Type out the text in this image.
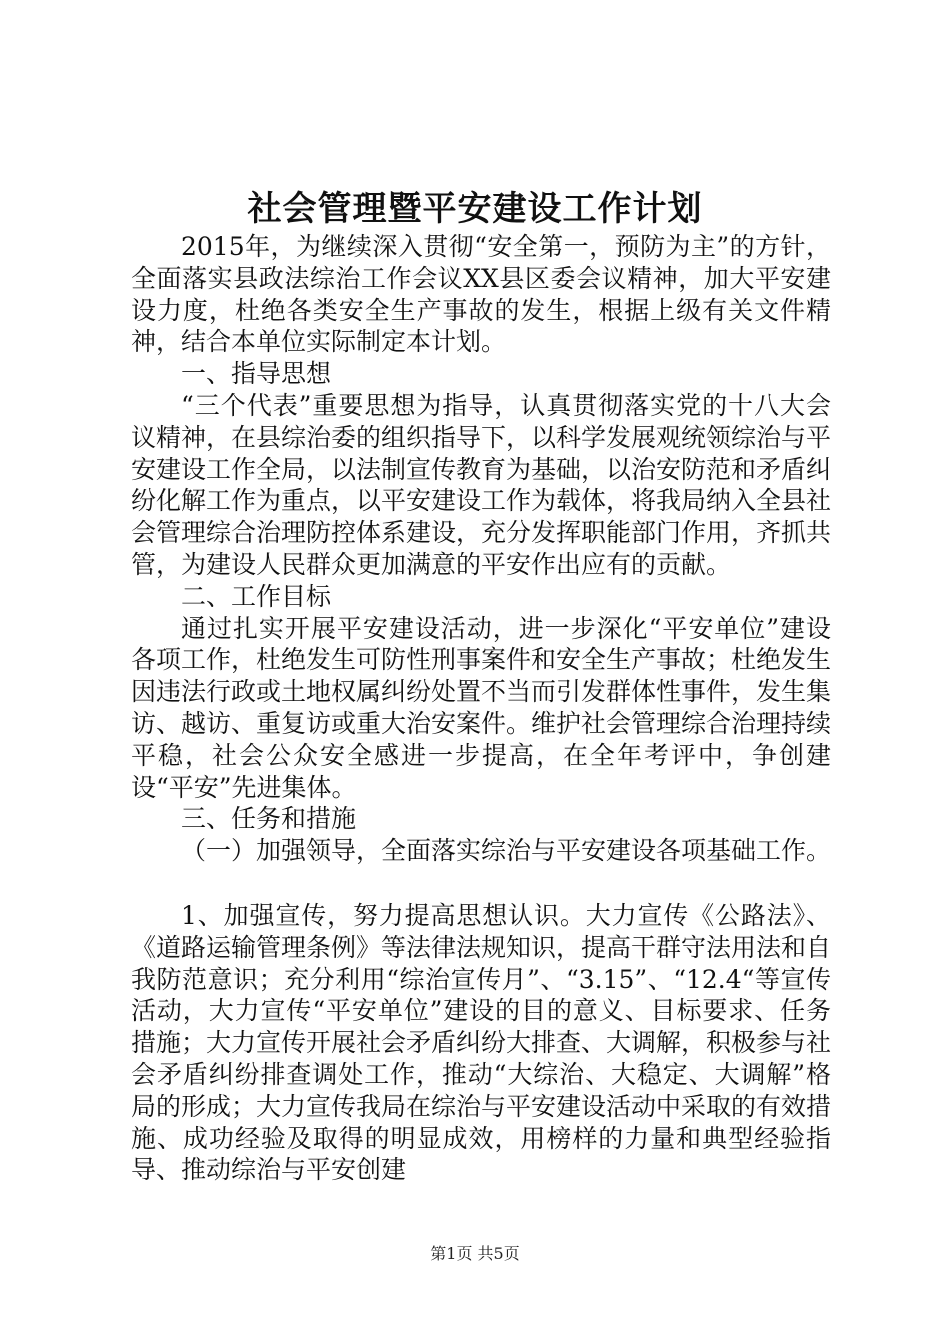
社会管理暨平安建设工作计划

2015年，为继续深入贯彻“安全第一，预防为主”的方针，全面落实县政法综治工作会议XX县区委会议精神，加大平安建设力度，杜绝各类安全生产事故的发生，根据上级有关文件精神，结合本单位实际制定本计划。

一、指导思想

“三个代表”重要思想为指导，认真贯彻落实党的十八大会议精神，在县综治委的组织指导下，以科学发展观统领综治与平安建设工作全局，以法制宣传教育为基础，以治安防范和矛盾纠纷化解工作为重点，以平安建设工作为载体，将我局纳入全县社会管理综合治理防控体系建设，充分发挥职能部门作用，齐抓共管，为建设人民群众更加满意的平安作出应有的贡献。

二、工作目标

通过扎实开展平安建设活动，进一步深化“平安单位”建设各项工作，杜绝发生可防性刑事案件和安全生产事故；杜绝发生因违法行政或土地权属纠纷处置不当而引发群体性事件，发生集访、越访、重复访或重大治安案件。维护社会管理综合治理持续平稳，社会公众安全感进一步提高，在全年考评中，争创建设“平安”先进集体。

三、任务和措施

（一）加强领导，全面落实综治与平安建设各项基础工作。

1、加强宣传，努力提高思想认识。大力宣传《公路法》、《道路运输管理条例》等法律法规知识，提高干群守法用法和自我防范意识；充分利用“综治宣传月”、“3.15”、“12.4“等宣传活动，大力宣传“平安单位”建设的目的意义、目标要求、任务措施；大力宣传开展社会矛盾纠纷大排查、大调解，积极参与社会矛盾纠纷排查调处工作，推动“大综治、大稳定、大调解”格局的形成；大力宣传我局在综治与平安建设活动中采取的有效措施、成功经验及取得的明显成效，用榜样的力量和典型经验指导、推动综治与平安创建

第1页 共5页
